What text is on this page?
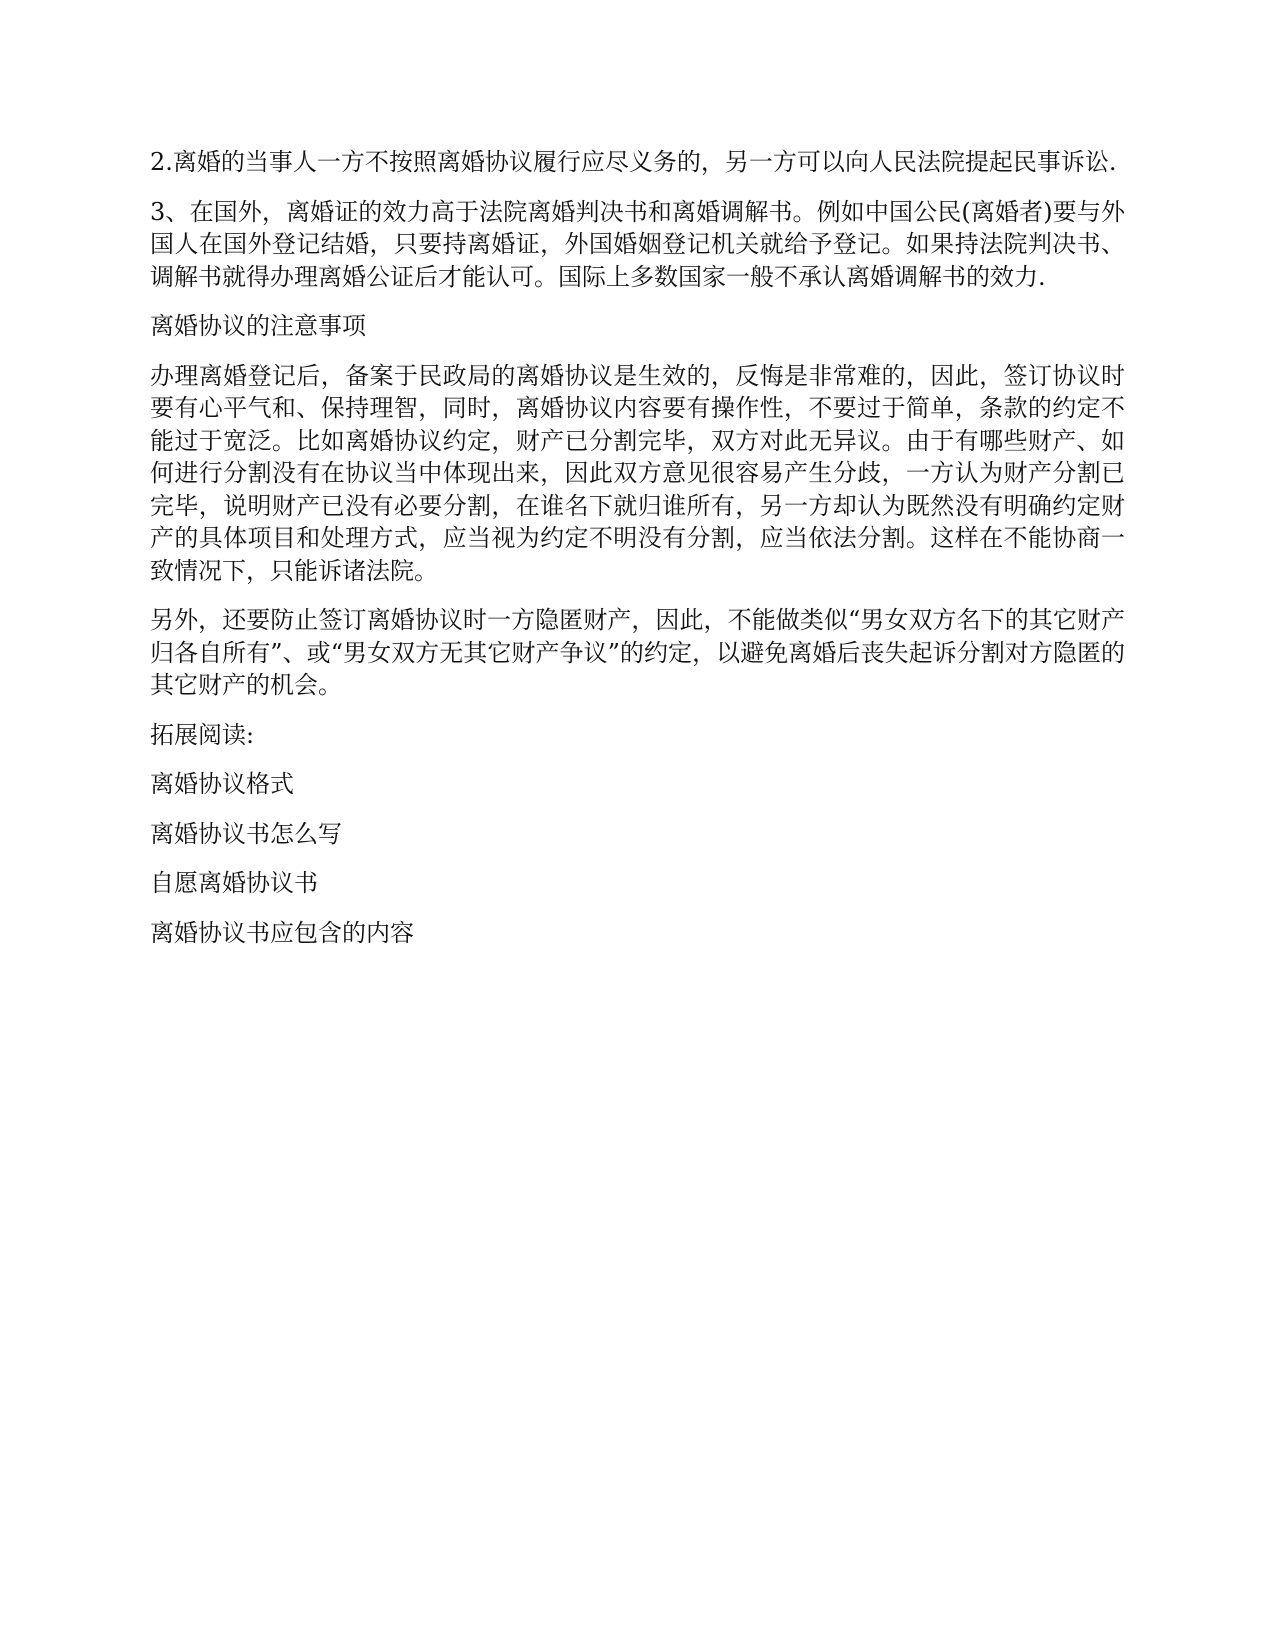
2.离婚的当事人一方不按照离婚协议履行应尽义务的，另一方可以向人民法院提起民事诉讼.

3、在国外，离婚证的效力高于法院离婚判决书和离婚调解书。例如中国公民(离婚者)要与外国人在国外登记结婚，只要持离婚证，外国婚姻登记机关就给予登记。如果持法院判决书、调解书就得办理离婚公证后才能认可。国际上多数国家一般不承认离婚调解书的效力.

离婚协议的注意事项

办理离婚登记后，备案于民政局的离婚协议是生效的，反悔是非常难的，因此，签订协议时要有心平气和、保持理智，同时，离婚协议内容要有操作性，不要过于简单，条款的约定不能过于宽泛。比如离婚协议约定，财产已分割完毕，双方对此无异议。由于有哪些财产、如何进行分割没有在协议当中体现出来，因此双方意见很容易产生分歧，一方认为财产分割已完毕，说明财产已没有必要分割，在谁名下就归谁所有，另一方却认为既然没有明确约定财产的具体项目和处理方式，应当视为约定不明没有分割，应当依法分割。这样在不能协商一致情况下，只能诉诸法院。

另外，还要防止签订离婚协议时一方隐匿财产，因此，不能做类似“男女双方名下的其它财产归各自所有”、或“男女双方无其它财产争议”的约定，以避免离婚后丧失起诉分割对方隐匿的其它财产的机会。

拓展阅读:

离婚协议格式

离婚协议书怎么写

自愿离婚协议书

离婚协议书应包含的内容
